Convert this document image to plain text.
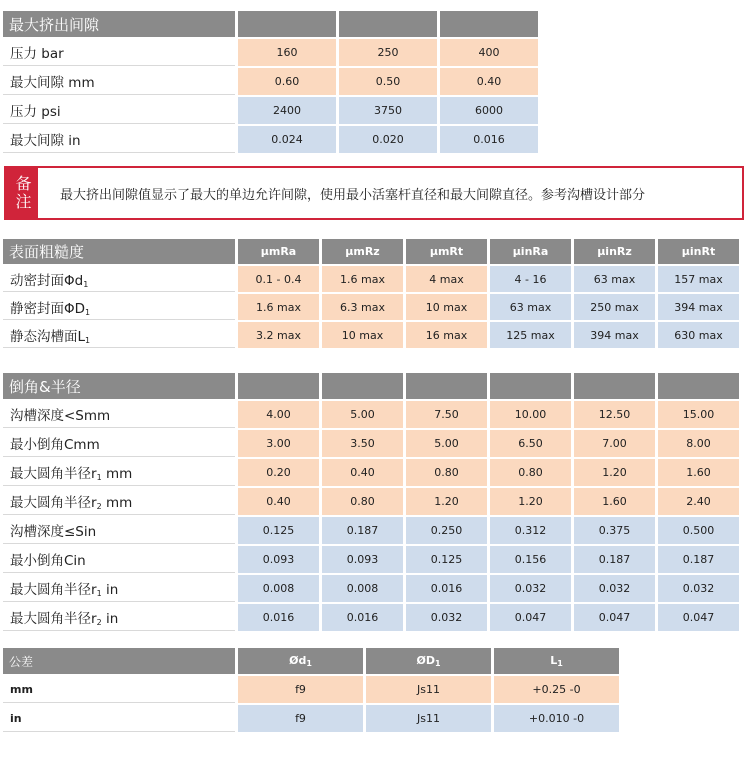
最大挤出间隙			
压力 bar	160	250	400
最大间隙 mm	0.60	0.50	0.40
压力 psi	2400	3750	6000
最大间隙 in	0.024	0.020	0.016
备注	最大挤出间隙值显示了最大的单边允许间隙，使用最小活塞杆直径和最大间隙直径。参考沟槽设计部分
表面粗糙度	μmRa	μmRz	μmRt	μinRa	μinRz	μinRt
动密封面$\Phi d_1$	0.1 - 0.4	1.6 max	4 max	4 - 16	63 max	157 max
静密封面$\Phi D_1$	1.6 max	6.3 max	10 max	63 max	250 max	394 max
静态沟槽面$L_1$	3.2 max	10 max	16 max	125 max	394 max	630 max
倒角&半径						
沟槽深度<Smm	4.00	5.00	7.50	10.00	12.50	15.00
最小倒角Cmm	3.00	3.50	5.00	6.50	7.00	8.00
最大圆角半径$r_1$ mm	0.20	0.40	0.80	0.80	1.20	1.60
最大圆角半径$r_2$ mm	0.40	0.80	1.20	1.20	1.60	2.40
沟槽深度≤Sin	0.125	0.187	0.250	0.312	0.375	0.500
最小倒角Cin	0.093	0.093	0.125	0.156	0.187	0.187
最大圆角半径$r_1$ in	0.008	0.008	0.016	0.032	0.032	0.032
最大圆角半径$r_2$ in	0.016	0.016	0.032	0.047	0.047	0.047
公差	$Ød_1$	$ØD_1$	$L_1$
mm	f9	Js11	+0.25 -0
in	f9	Js11	+0.010 -0
